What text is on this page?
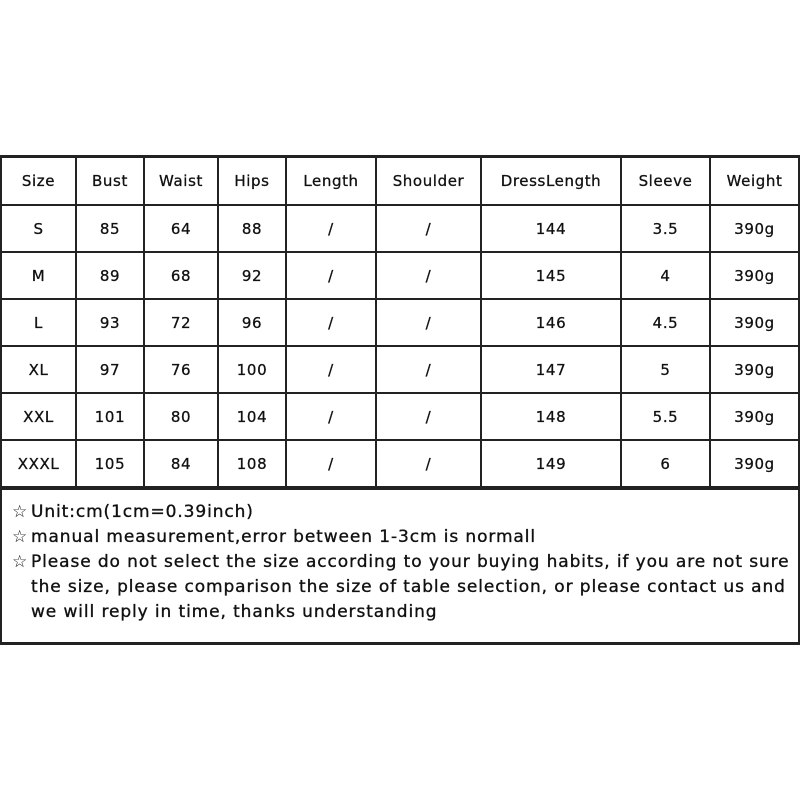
Size	Bust	Waist	Hips	Length	Shoulder	DressLength	Sleeve	Weight
S	85	64	88	/	/	144	3.5	390g
M	89	68	92	/	/	145	4	390g
L	93	72	96	/	/	146	4.5	390g
XL	97	76	100	/	/	147	5	390g
XXL	101	80	104	/	/	148	5.5	390g
XXXL	105	84	108	/	/	149	6	390g
☆ Unit:cm(1cm=0.39inch)
☆ manual measurement,error between 1-3cm is normall
☆ Please do not select the size according to your buying habits, if you are not sure the size, please comparison the size of table selection, or please contact us and we will reply in time, thanks understanding
